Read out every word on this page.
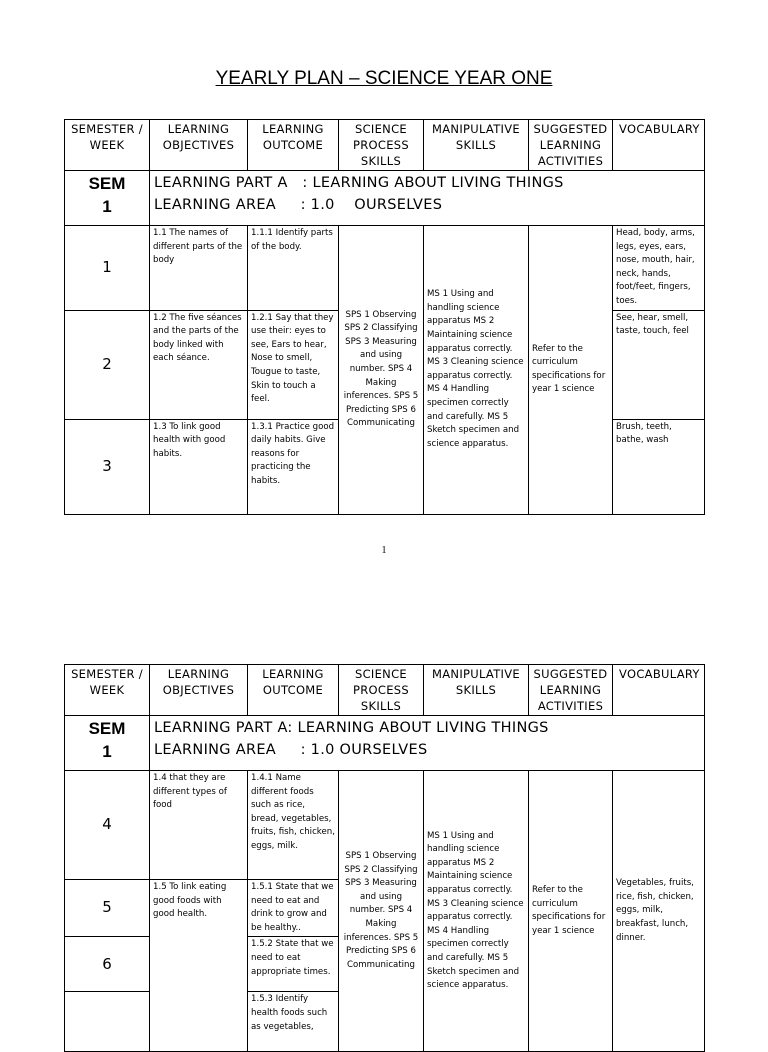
YEARLY PLAN – SCIENCE YEAR ONE
SEMESTER / WEEK	LEARNING OBJECTIVES	LEARNING OUTCOME	SCIENCE PROCESS SKILLS	MANIPULATIVE SKILLS	SUGGESTED LEARNING ACTIVITIES	VOCABULARY

SEM
1	LEARNING PART A   : LEARNING ABOUT LIVING THINGS
LEARNING AREA     : 1.0    OURSELVES					

1	1.1 The names of different parts of the body	1.1.1 Identify parts of the body.	SPS 1 Observing SPS 2 Classifying SPS 3 Measuring and using number. SPS 4 Making inferences. SPS 5 Predicting SPS 6 Communicating	MS 1 Using and handling science apparatus MS 2 Maintaining science apparatus correctly. MS 3 Cleaning science apparatus correctly. MS 4 Handling specimen correctly and carefully. MS 5 Sketch specimen and science apparatus.	Refer to the curriculum specifications for year 1 science	Head, body, arms, legs, eyes, ears, nose, mouth, hair, neck, hands, foot/feet, fingers, toes.
2	1.2 The five séances and the parts of the body linked with each séance.	1.2.1 Say that they use their: eyes to see, Ears to hear, Nose to smell, Tougue to taste, Skin to touch a feel.				See, hear, smell, taste, touch, feel
3	1.3 To link good health with good habits.	1.3.1 Practice good daily habits. Give reasons for practicing the habits.				Brush, teeth, bathe, wash
1
SEMESTER / WEEK	LEARNING OBJECTIVES	LEARNING OUTCOME	SCIENCE PROCESS SKILLS	MANIPULATIVE SKILLS	SUGGESTED LEARNING ACTIVITIES	VOCABULARY

SEM
1	LEARNING PART A: LEARNING ABOUT LIVING THINGS
LEARNING AREA     : 1.0 OURSELVES					

4	1.4 that they are different types of food	1.4.1 Name different foods such as rice, bread, vegetables, fruits, fish, chicken, eggs, milk.	SPS 1 Observing SPS 2 Classifying SPS 3 Measuring and using number. SPS 4 Making inferences. SPS 5 Predicting SPS 6 Communicating	MS 1 Using and handling science apparatus MS 2 Maintaining science apparatus correctly. MS 3 Cleaning science apparatus correctly. MS 4 Handling specimen correctly and carefully. MS 5 Sketch specimen and science apparatus.	Refer to the curriculum specifications for year 1 science	Vegetables, fruits, rice, fish, chicken, eggs, milk, breakfast, lunch, dinner.
5	1.5 To link eating good foods with good health.	1.5.1 State that we need to eat and drink to grow and be healthy..				
6		1.5.2 State that we need to eat appropriate times.				
		1.5.3 Identify health foods such as vegetables,				
